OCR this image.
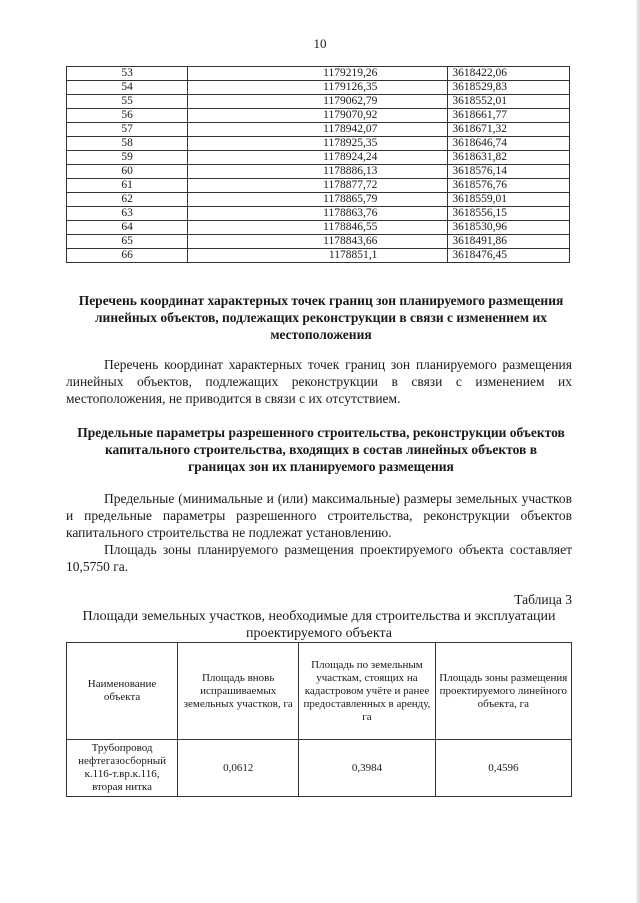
10
53	1179219,26	3618422,06
54	1179126,35	3618529,83
55	1179062,79	3618552,01
56	1179070,92	3618661,77
57	1178942,07	3618671,32
58	1178925,35	3618646,74
59	1178924,24	3618631,82
60	1178886,13	3618576,14
61	1178877,72	3618576,76
62	1178865,79	3618559,01
63	1178863,76	3618556,15
64	1178846,55	3618530,96
65	1178843,66	3618491,86
66	1178851,1	3618476,45
Перечень координат характерных точек границ зон планируемого размещения линейных объектов, подлежащих реконструкции в связи с изменением их местоположения
Перечень координат характерных точек границ зон планируемого размещения линейных объектов, подлежащих реконструкции в связи с изменением их местоположения, не приводится в связи с их отсутствием.
Предельные параметры разрешенного строительства, реконструкции объектов капитального строительства, входящих в состав линейных объектов в границах зон их планируемого размещения
Предельные (минимальные и (или) максимальные) размеры земельных участков и предельные параметры разрешенного строительства, реконструкции объектов капитального строительства не подлежат установлению.
Площадь зоны планируемого размещения проектируемого объекта составляет 10,5750 га.
Таблица 3
Площади земельных участков, необходимые для строительства и эксплуатации проектируемого объекта
Наименование объекта	Площадь вновь испрашиваемых земельных участков, га	Площадь по земельным участкам, стоящих на кадастровом учёте и ранее предоставленных в аренду, га	Площадь зоны размещения проектируемого линейного объекта, га
Трубопровод нефтегазосборный к.116-т.вр.к.116, вторая нитка	0,0612	0,3984	0,4596
